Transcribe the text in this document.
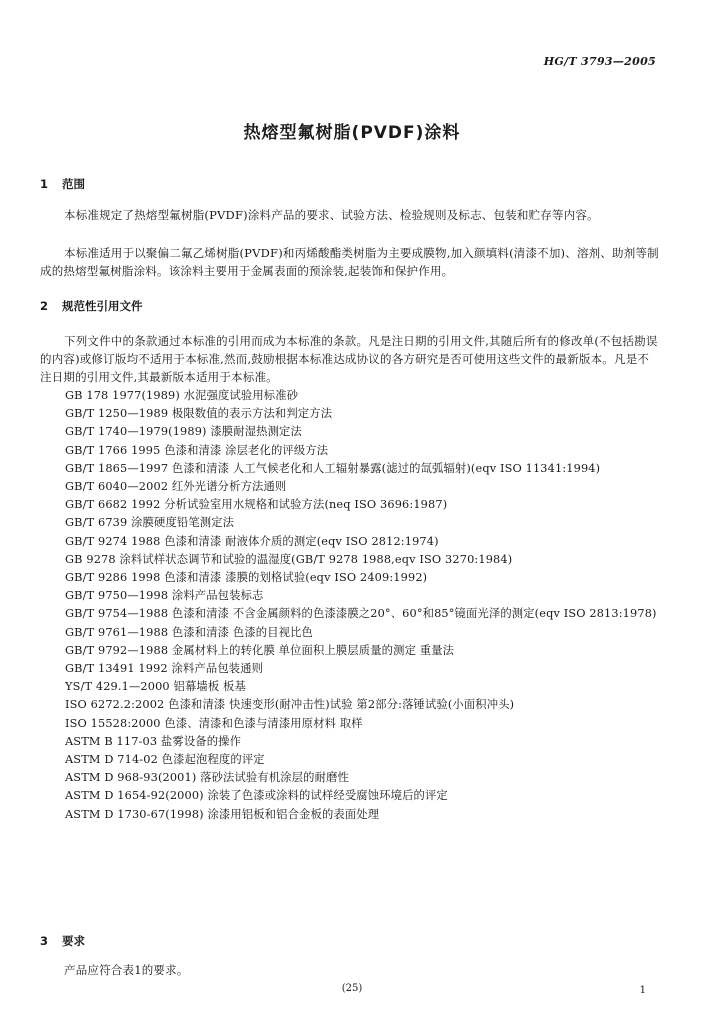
HG/T 3793—2005
热熔型氟树脂(PVDF)涂料
1 范围
本标准规定了热熔型氟树脂(PVDF)涂料产品的要求、试验方法、检验规则及标志、包装和贮存等内容。
本标准适用于以聚偏二氟乙烯树脂(PVDF)和丙烯酸酯类树脂为主要成膜物,加入颜填料(清漆不加)、溶剂、助剂等制成的热熔型氟树脂涂料。该涂料主要用于金属表面的预涂装,起装饰和保护作用。
2 规范性引用文件
下列文件中的条款通过本标准的引用而成为本标准的条款。凡是注日期的引用文件,其随后所有的修改单(不包括勘误的内容)或修订版均不适用于本标准,然而,鼓励根据本标准达成协议的各方研究是否可使用这些文件的最新版本。凡是不注日期的引用文件,其最新版本适用于本标准。
GB 178 1977(1989) 水泥强度试验用标准砂
GB/T 1250—1989 极限数值的表示方法和判定方法
GB/T 1740—1979(1989) 漆膜耐湿热测定法
GB/T 1766 1995 色漆和清漆 涂层老化的评级方法
GB/T 1865—1997 色漆和清漆 人工气候老化和人工辐射暴露(滤过的氙弧辐射)(eqv ISO 11341:1994)
GB/T 6040—2002 红外光谱分析方法通则
GB/T 6682 1992 分析试验室用水规格和试验方法(neq ISO 3696:1987)
GB/T 6739 涂膜硬度铅笔测定法
GB/T 9274 1988 色漆和清漆 耐液体介质的测定(eqv ISO 2812:1974)
GB 9278 涂料试样状态调节和试验的温湿度(GB/T 9278 1988,eqv ISO 3270:1984)
GB/T 9286 1998 色漆和清漆 漆膜的划格试验(eqv ISO 2409:1992)
GB/T 9750—1998 涂料产品包装标志
GB/T 9754—1988 色漆和清漆 不含金属颜料的色漆漆膜之20°、60°和85°镜面光泽的测定(eqv ISO 2813:1978)
GB/T 9761—1988 色漆和清漆 色漆的目视比色
GB/T 9792—1988 金属材料上的转化膜 单位面积上膜层质量的测定 重量法
GB/T 13491 1992 涂料产品包装通则
YS/T 429.1—2000 铝幕墙板 板基
ISO 6272.2:2002 色漆和清漆 快速变形(耐冲击性)试验 第2部分:落锤试验(小面积冲头)
ISO 15528:2000 色漆、清漆和色漆与清漆用原材料 取样
ASTM B 117-03 盐雾设备的操作
ASTM D 714-02 色漆起泡程度的评定
ASTM D 968-93(2001) 落砂法试验有机涂层的耐磨性
ASTM D 1654-92(2000) 涂装了色漆或涂料的试样经受腐蚀环境后的评定
ASTM D 1730-67(1998) 涂漆用铝板和铝合金板的表面处理
3 要求
产品应符合表1的要求。
(25)	1
